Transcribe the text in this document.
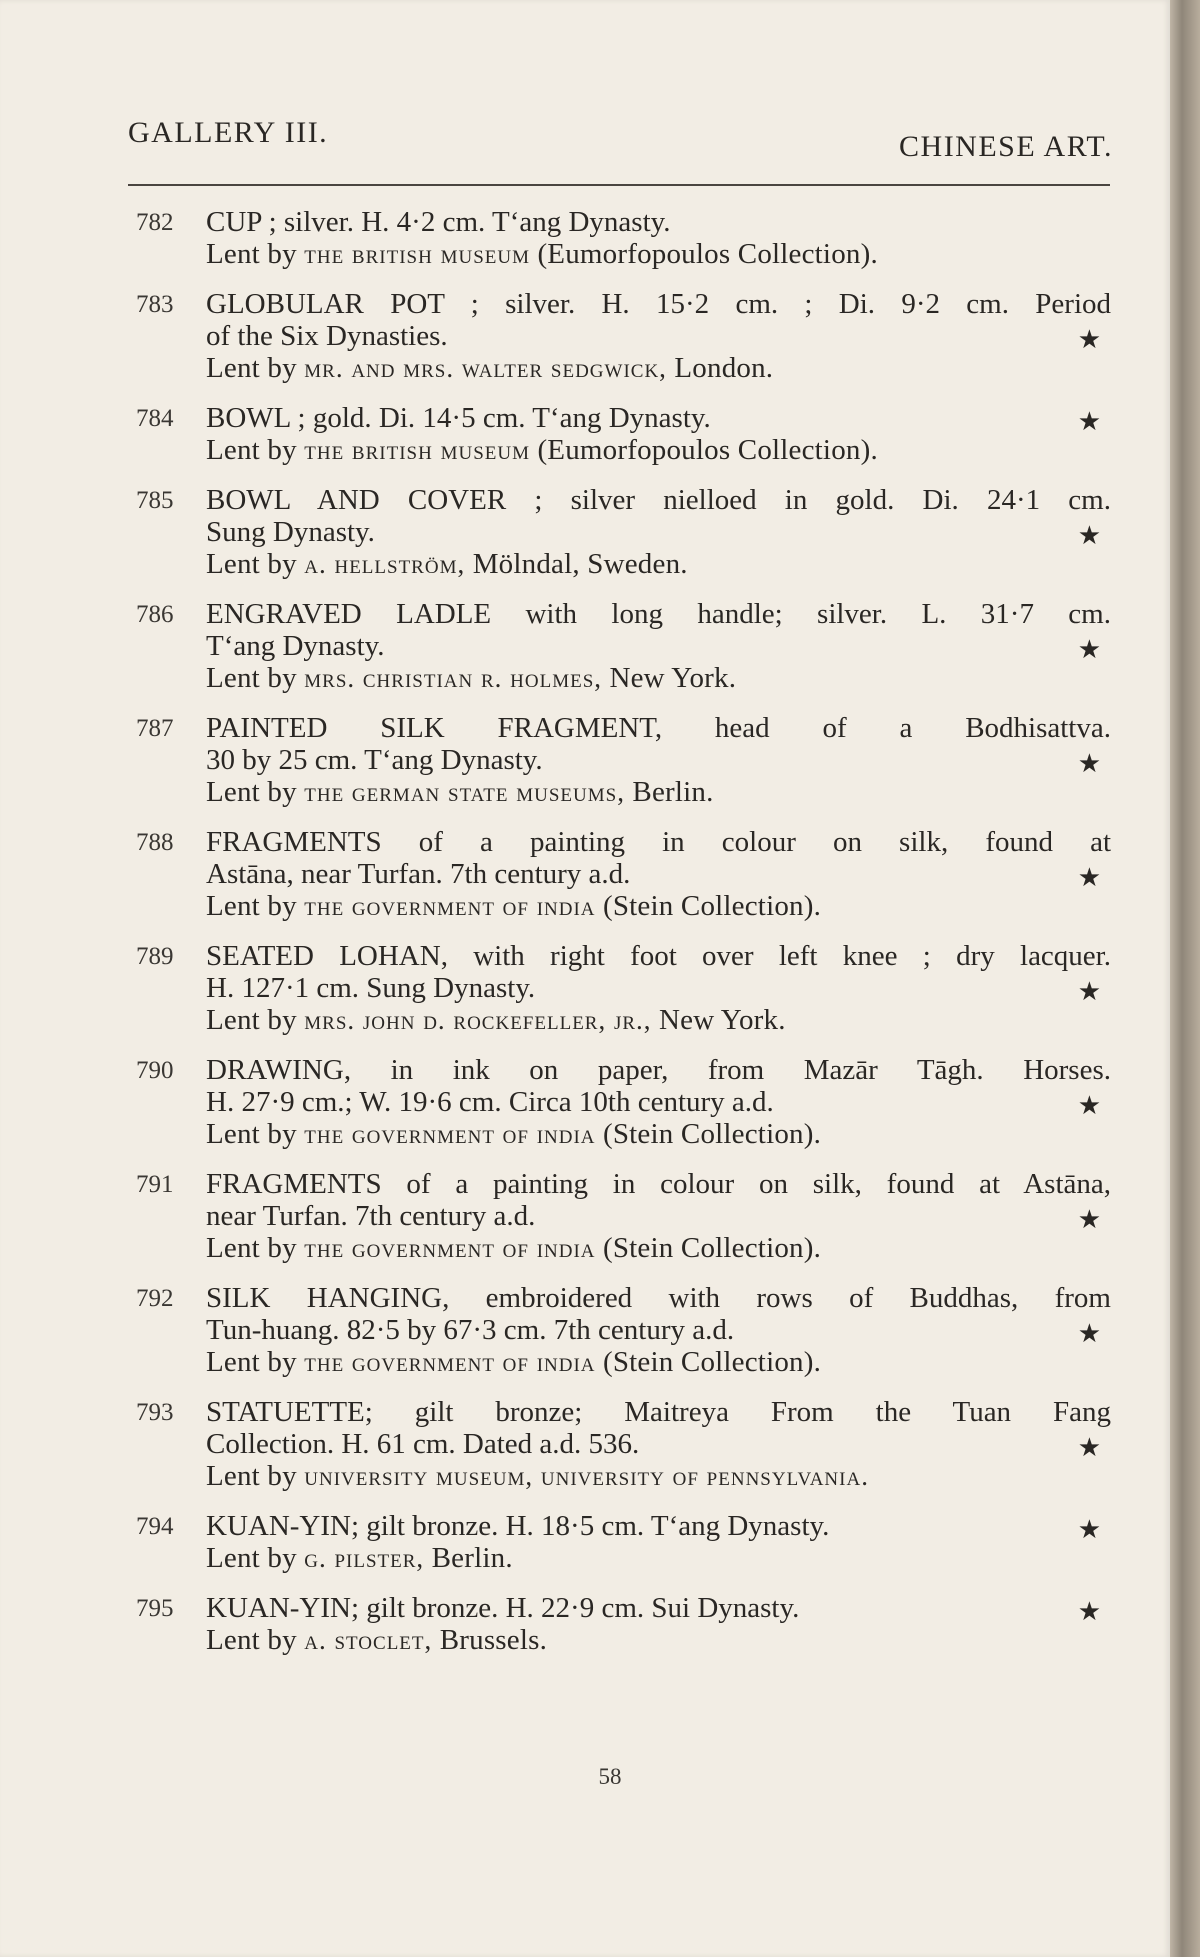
GALLERY III.	CHINESE ART.
782 CUP ; silver. H. 4·2 cm. T‘ang Dynasty.
Lent by the british museum (Eumorfopoulos Collection).
783 GLOBULAR POT ; silver. H. 15·2 cm. ; Di. 9·2 cm. Period
of the Six Dynasties.	★
Lent by mr. and mrs. walter sedgwick, London.
784 BOWL ; gold. Di. 14·5 cm. T‘ang Dynasty.	★
Lent by the british museum (Eumorfopoulos Collection).
785 BOWL AND COVER ; silver nielloed in gold. Di. 24·1 cm.
Sung Dynasty.	★
Lent by a. hellström, Mölndal, Sweden.
786 ENGRAVED LADLE with long handle; silver. L. 31·7 cm.
T‘ang Dynasty.	★
Lent by mrs. christian r. holmes, New York.
787 PAINTED SILK FRAGMENT, head of a Bodhisattva.
30 by 25 cm. T‘ang Dynasty.	★
Lent by the german state museums, Berlin.
788 FRAGMENTS of a painting in colour on silk, found at
Astāna, near Turfan. 7th century a.d.	★
Lent by the government of india (Stein Collection).
789 SEATED LOHAN, with right foot over left knee ; dry lacquer.
H. 127·1 cm. Sung Dynasty.	★
Lent by mrs. john d. rockefeller, jr., New York.
790 DRAWING, in ink on paper, from Mazār Tāgh. Horses.
H. 27·9 cm.; W. 19·6 cm. Circa 10th century a.d.	★
Lent by the government of india (Stein Collection).
791 FRAGMENTS of a painting in colour on silk, found at Astāna,
near Turfan. 7th century a.d.	★
Lent by the government of india (Stein Collection).
792 SILK HANGING, embroidered with rows of Buddhas, from
Tun-huang. 82·5 by 67·3 cm. 7th century a.d.	★
Lent by the government of india (Stein Collection).
793 STATUETTE; gilt bronze; Maitreya From the Tuan Fang
Collection. H. 61 cm. Dated a.d. 536.	★
Lent by university museum, university of pennsylvania.
794 KUAN-YIN; gilt bronze. H. 18·5 cm. T‘ang Dynasty.	★
Lent by g. pilster, Berlin.
795 KUAN-YIN; gilt bronze. H. 22·9 cm. Sui Dynasty.	★
Lent by a. stoclet, Brussels.
58
